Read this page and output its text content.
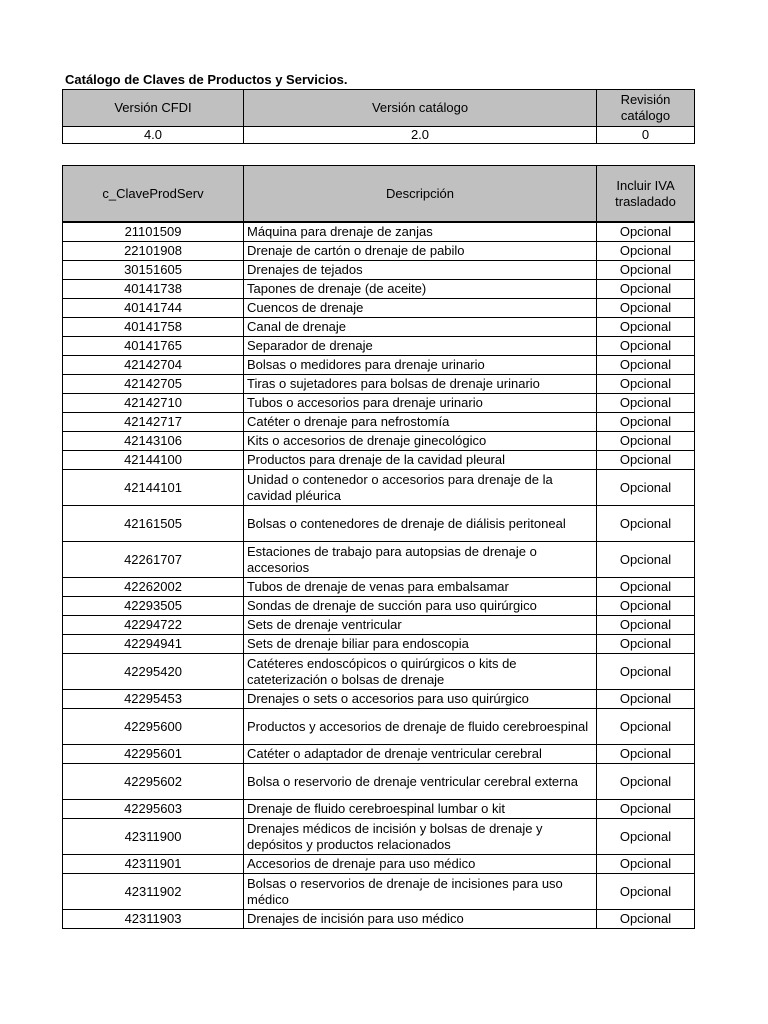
Catálogo de Claves de Productos y Servicios.
Versión CFDI	Versión catálogo	Revisión catálogo
4.0	2.0	0
c_ClaveProdServ	Descripción	Incluir IVA trasladado
21101509	Máquina para drenaje de zanjas	Opcional
22101908	Drenaje de cartón o drenaje de pabilo	Opcional
30151605	Drenajes de tejados	Opcional
40141738	Tapones de drenaje (de aceite)	Opcional
40141744	Cuencos de drenaje	Opcional
40141758	Canal de drenaje	Opcional
40141765	Separador de drenaje	Opcional
42142704	Bolsas o medidores para drenaje urinario	Opcional
42142705	Tiras o sujetadores para bolsas de drenaje urinario	Opcional
42142710	Tubos o accesorios para drenaje urinario	Opcional
42142717	Catéter o drenaje para nefrostomía	Opcional
42143106	Kits o accesorios de drenaje ginecológico	Opcional
42144100	Productos para drenaje de la cavidad pleural	Opcional
42144101	Unidad o contenedor o accesorios para drenaje de la cavidad pléurica	Opcional
42161505	Bolsas o contenedores de drenaje de diálisis peritoneal	Opcional
42261707	Estaciones de trabajo para autopsias de drenaje o accesorios	Opcional
42262002	Tubos de drenaje de venas para embalsamar	Opcional
42293505	Sondas de drenaje de succión para uso quirúrgico	Opcional
42294722	Sets de drenaje ventricular	Opcional
42294941	Sets de drenaje biliar para endoscopia	Opcional
42295420	Catéteres endoscópicos o quirúrgicos o kits de cateterización o bolsas de drenaje	Opcional
42295453	Drenajes o sets o accesorios para uso quirúrgico	Opcional
42295600	Productos y accesorios de drenaje de fluido cerebroespinal	Opcional
42295601	Catéter o adaptador de drenaje ventricular cerebral	Opcional
42295602	Bolsa o reservorio de drenaje ventricular cerebral externa	Opcional
42295603	Drenaje de fluido cerebroespinal lumbar o kit	Opcional
42311900	Drenajes médicos de incisión y bolsas de drenaje y depósitos y productos relacionados	Opcional
42311901	Accesorios de drenaje para uso médico	Opcional
42311902	Bolsas o reservorios de drenaje de incisiones para uso médico	Opcional
42311903	Drenajes de incisión para uso médico	Opcional
